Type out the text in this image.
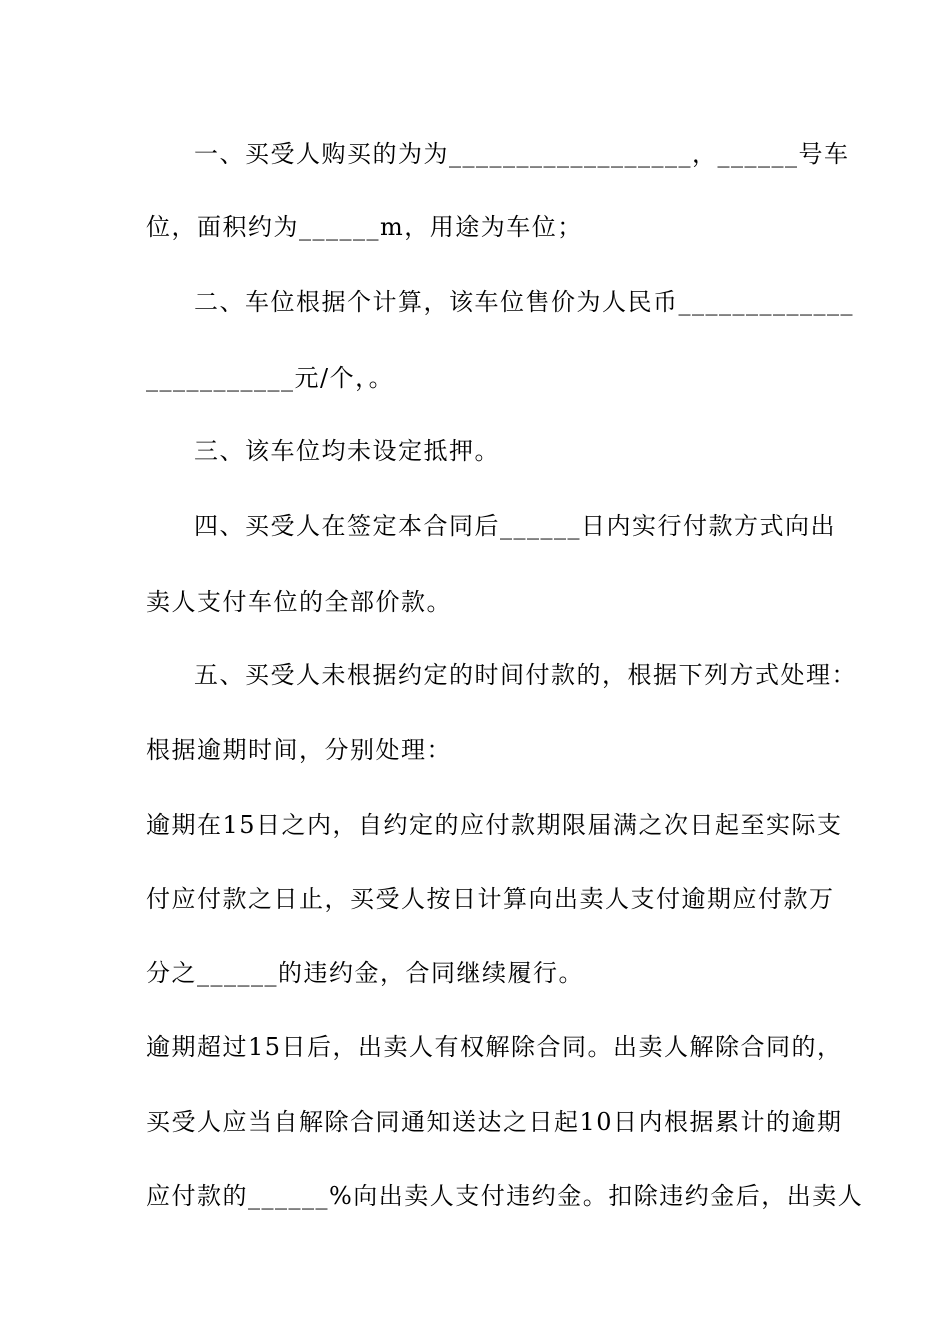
一、买受人购买的为为__________________，______号车
位，面积约为______m，用途为车位；
二、车位根据个计算，该车位售价为人民币_____________
___________元/个，。
三、该车位均未设定抵押。
四、买受人在签定本合同后______日内实行付款方式向出
卖人支付车位的全部价款。
五、买受人未根据约定的时间付款的，根据下列方式处理：
根据逾期时间，分别处理：
逾期在15日之内，自约定的应付款期限届满之次日起至实际支
付应付款之日止，买受人按日计算向出卖人支付逾期应付款万
分之______的违约金，合同继续履行。
逾期超过15日后，出卖人有权解除合同。出卖人解除合同的，
买受人应当自解除合同通知送达之日起10日内根据累计的逾期
应付款的______%向出卖人支付违约金。扣除违约金后，出卖人
